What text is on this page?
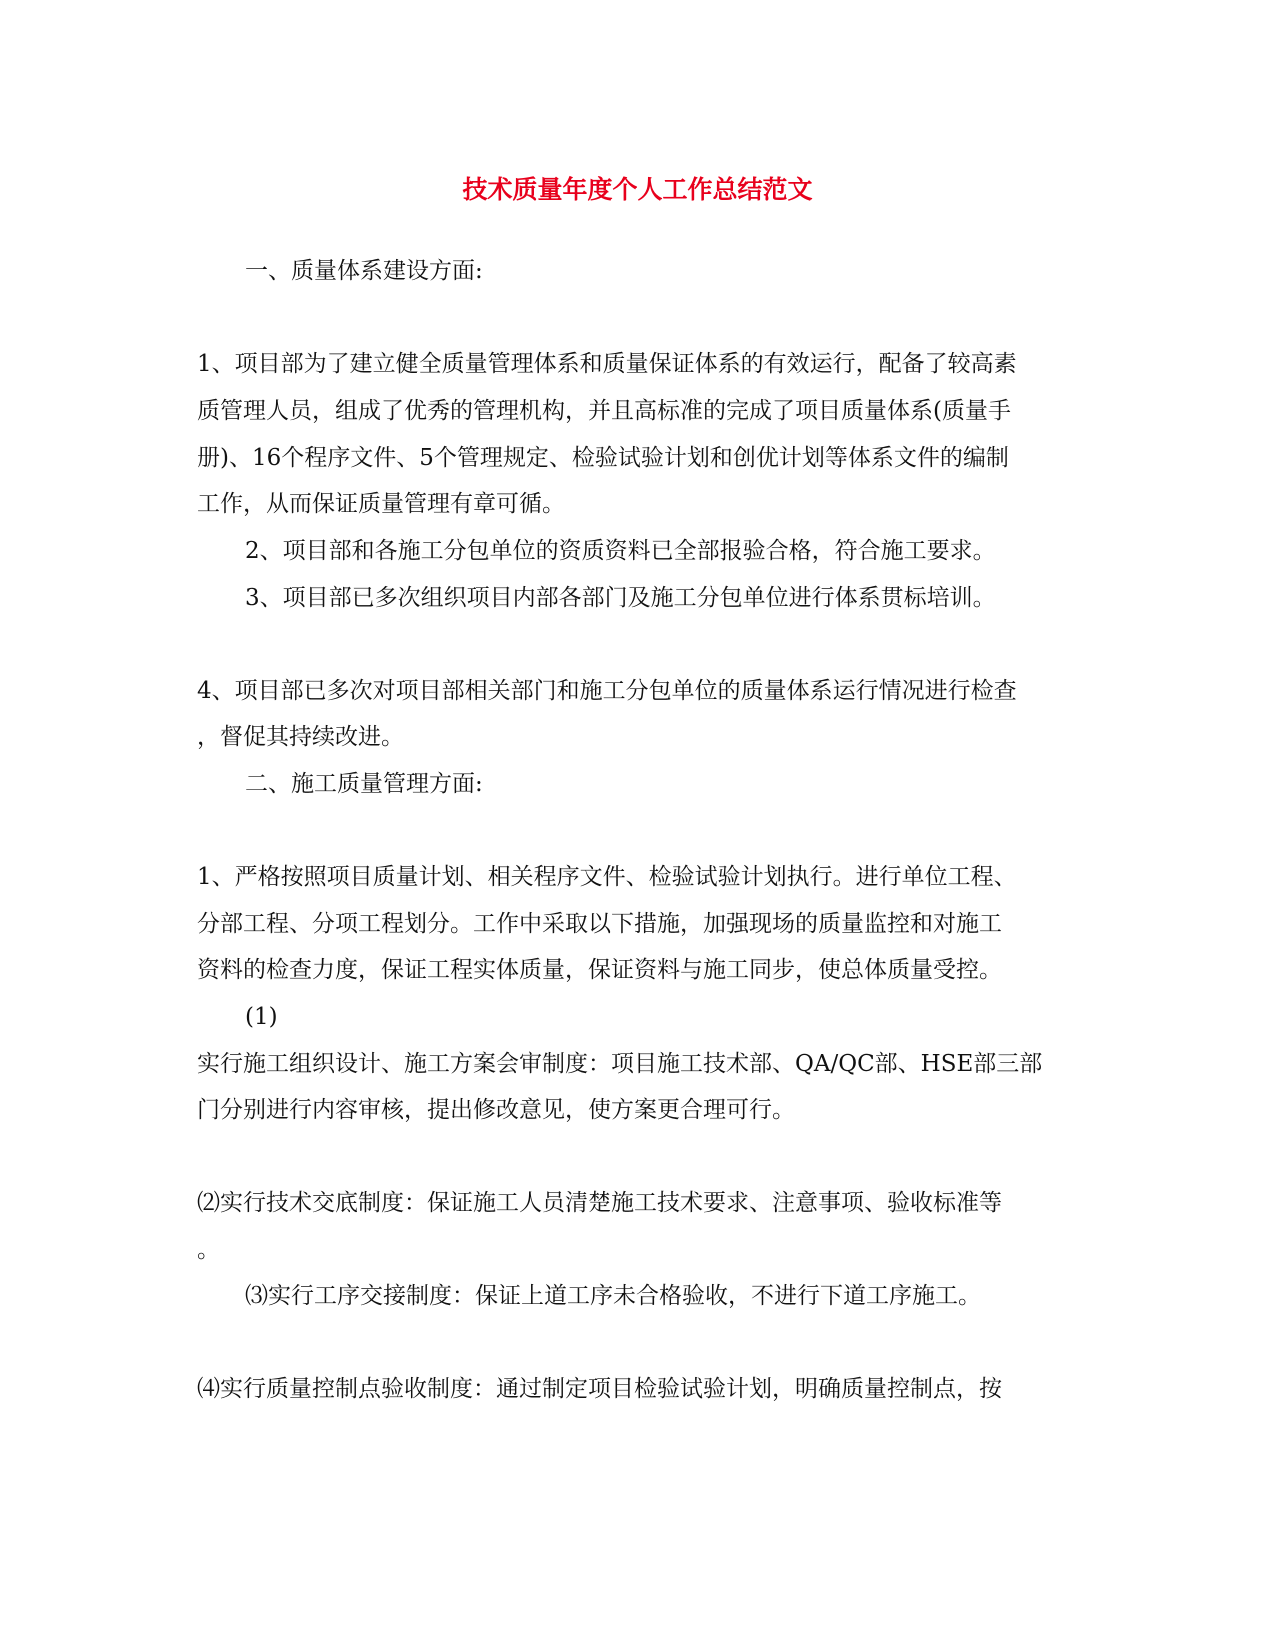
技术质量年度个人工作总结范文
一、质量体系建设方面:
1、项目部为了建立健全质量管理体系和质量保证体系的有效运行，配备了较高素
质管理人员，组成了优秀的管理机构，并且高标准的完成了项目质量体系(质量手
册)、16个程序文件、5个管理规定、检验试验计划和创优计划等体系文件的编制
工作，从而保证质量管理有章可循。
2、项目部和各施工分包单位的资质资料已全部报验合格，符合施工要求。
3、项目部已多次组织项目内部各部门及施工分包单位进行体系贯标培训。
4、项目部已多次对项目部相关部门和施工分包单位的质量体系运行情况进行检查
，督促其持续改进。
二、施工质量管理方面:
1、严格按照项目质量计划、相关程序文件、检验试验计划执行。进行单位工程、
分部工程、分项工程划分。工作中采取以下措施，加强现场的质量监控和对施工
资料的检查力度，保证工程实体质量，保证资料与施工同步，使总体质量受控。
(1)
实行施工组织设计、施工方案会审制度：项目施工技术部、QA/QC部、HSE部三部
门分别进行内容审核，提出修改意见，使方案更合理可行。
⑵实行技术交底制度：保证施工人员清楚施工技术要求、注意事项、验收标准等
。
⑶实行工序交接制度：保证上道工序未合格验收，不进行下道工序施工。
⑷实行质量控制点验收制度：通过制定项目检验试验计划，明确质量控制点，按
